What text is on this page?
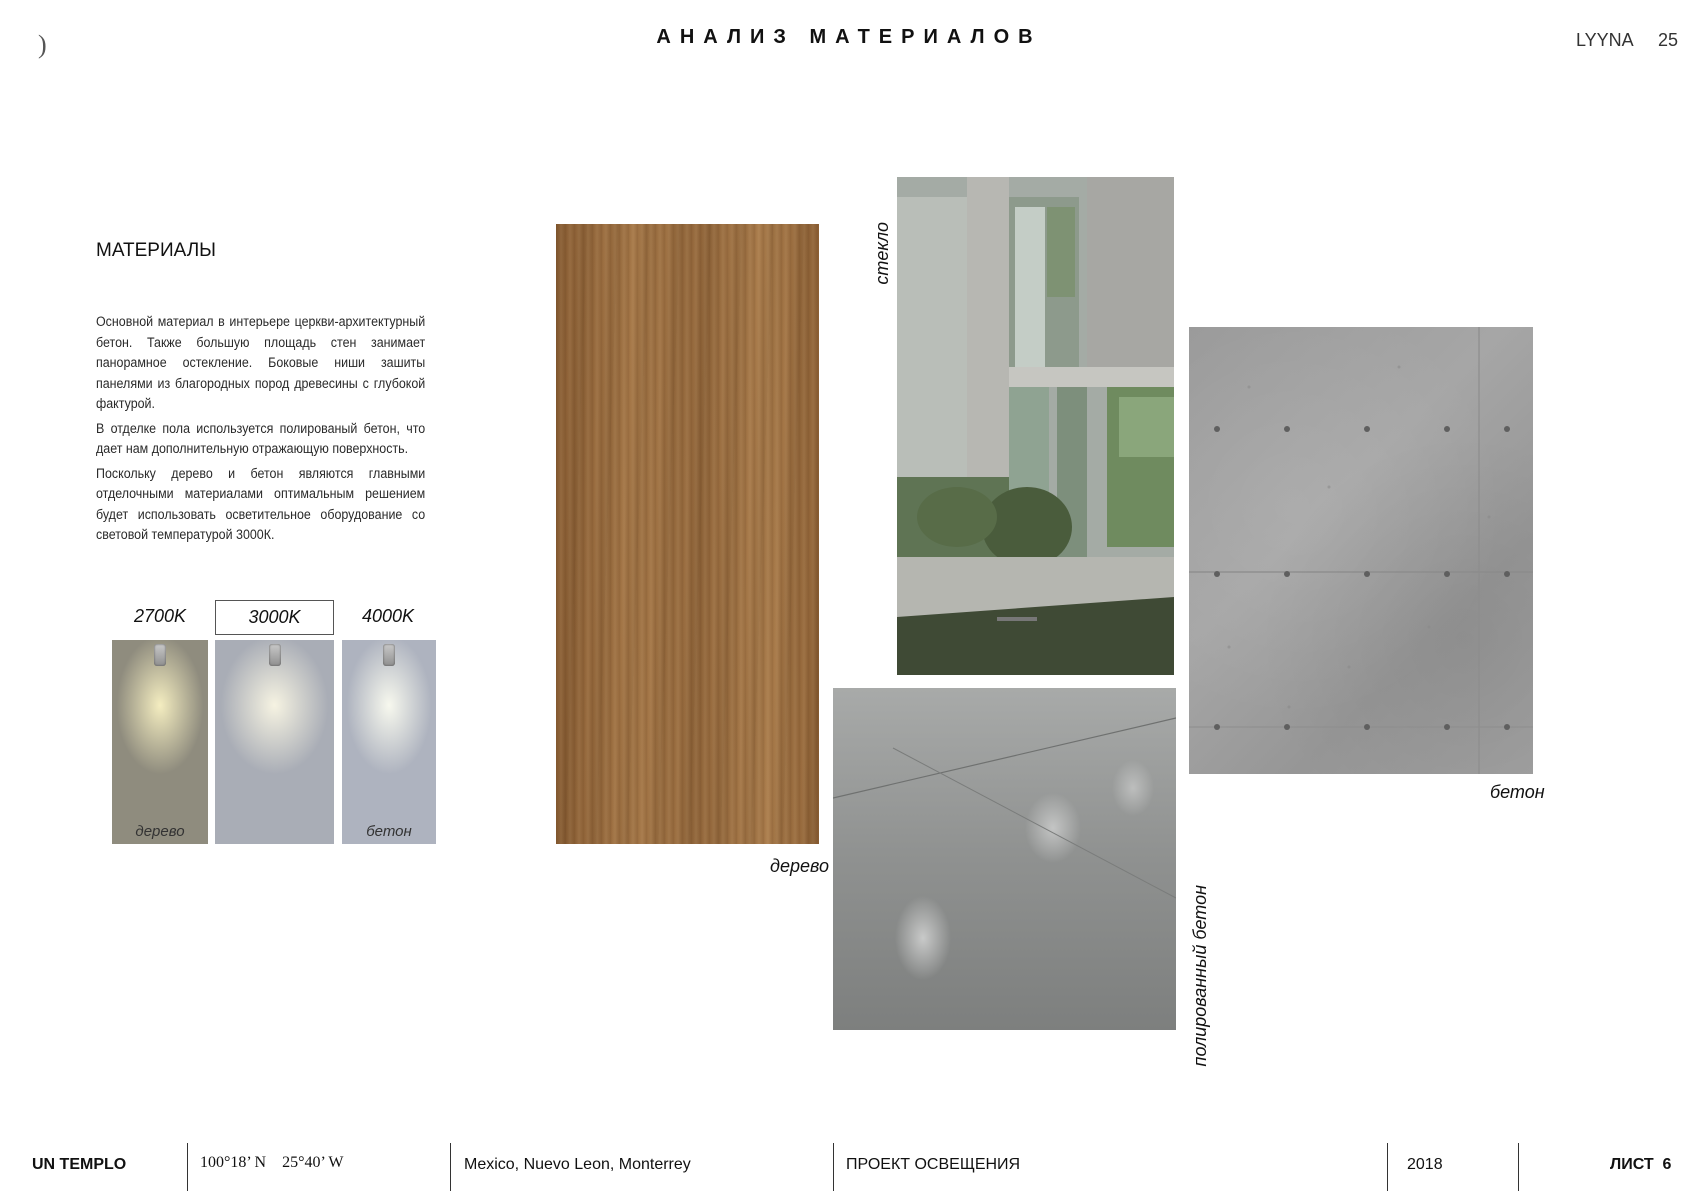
)	АНАЛИЗ МАТЕРИАЛОВ	LYYNA 25
МАТЕРИАЛЫ

Основной материал в интерьере церкви-архитектурный бетон. Также большую площадь стен занимает панорамное остекление. Боковые ниши зашиты панелями из благородных пород древесины с глубокой фактурой.

В отделке пола используется полированый бетон, что дает нам дополнительную отражающую поверхность.

Поскольку дерево и бетон являются главными отделочными материалами оптимальным решением будет использовать осветительное оборудование со световой температурой 3000К.

2700K	3000K	4000K
дерево	бетон
дерево
стекло
бетон
полированный бетон
UN TEMPLO	100°18’ N    25°40’ W	Mexico, Nuevo Leon, Monterrey	ПРОЕКТ ОСВЕЩЕНИЯ	2018	ЛИСТ  6
